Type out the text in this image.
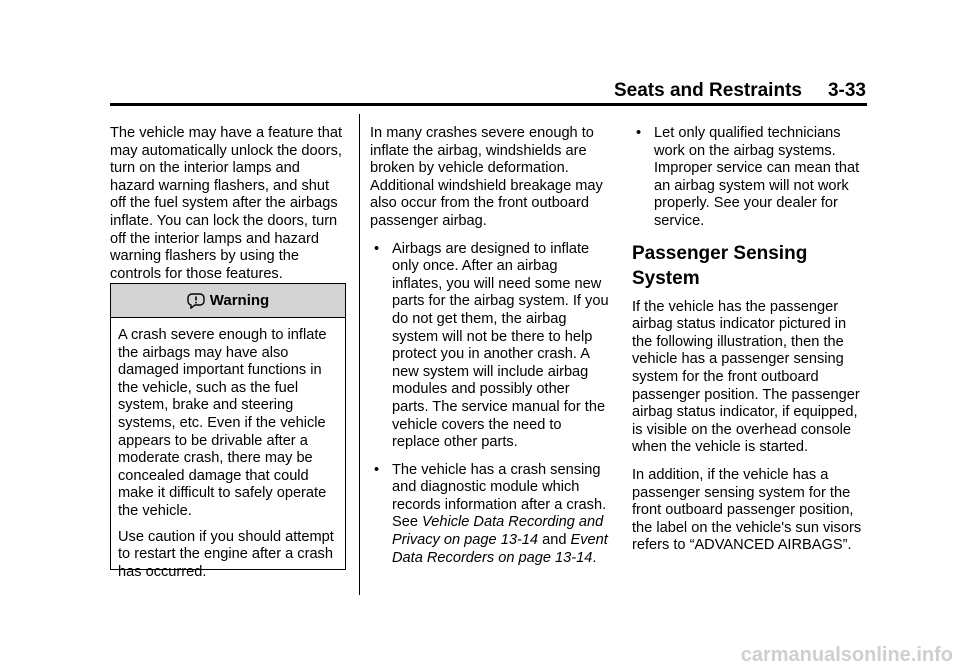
Seats and Restraints 3-33

The vehicle may have a feature that may automatically unlock the doors, turn on the interior lamps and hazard warning flashers, and shut off the fuel system after the airbags inflate. You can lock the doors, turn off the interior lamps and hazard warning flashers by using the controls for those features.

Warning

A crash severe enough to inflate the airbags may have also damaged important functions in the vehicle, such as the fuel system, brake and steering systems, etc. Even if the vehicle appears to be drivable after a moderate crash, there may be concealed damage that could make it difficult to safely operate the vehicle.

Use caution if you should attempt to restart the engine after a crash has occurred.

In many crashes severe enough to inflate the airbag, windshields are broken by vehicle deformation. Additional windshield breakage may also occur from the front outboard passenger airbag.

• Airbags are designed to inflate only once. After an airbag inflates, you will need some new parts for the airbag system. If you do not get them, the airbag system will not be there to help protect you in another crash. A new system will include airbag modules and possibly other parts. The service manual for the vehicle covers the need to replace other parts.
• The vehicle has a crash sensing and diagnostic module which records information after a crash. See Vehicle Data Recording and Privacy on page 13-14 and Event Data Recorders on page 13-14.
• Let only qualified technicians work on the airbag systems. Improper service can mean that an airbag system will not work properly. See your dealer for service.
Passenger Sensing System

If the vehicle has the passenger airbag status indicator pictured in the following illustration, then the vehicle has a passenger sensing system for the front outboard passenger position. The passenger airbag status indicator, if equipped, is visible on the overhead console when the vehicle is started.

In addition, if the vehicle has a passenger sensing system for the front outboard passenger position, the label on the vehicle's sun visors refers to “ADVANCED AIRBAGS”.

carmanualsonline.info
